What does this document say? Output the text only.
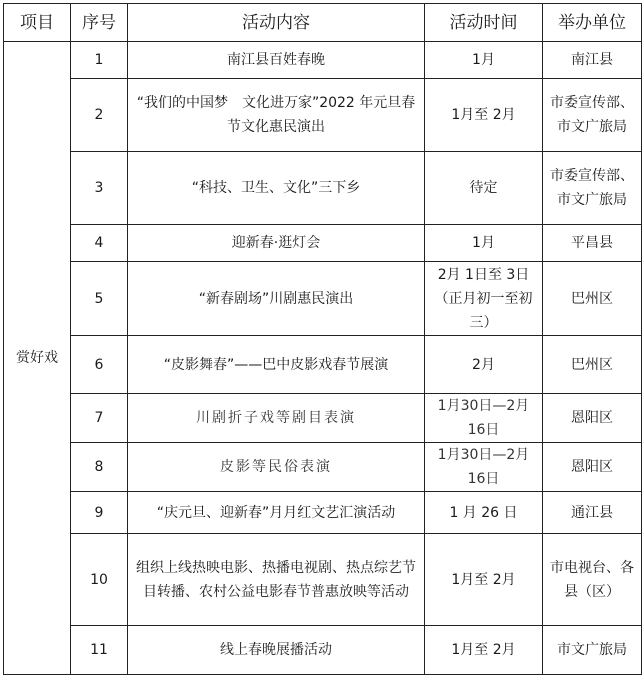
项目	序号	活动内容	活动时间	举办单位
赏好戏	1	南江县百姓春晚	1月	南江县
	2	“我们的中国梦　文化进万家”2022 年元旦春节文化惠民演出	1月至 2月	市委宣传部、市文广旅局
	3	“科技、卫生、文化”三下乡	待定	市委宣传部、市文广旅局
	4	迎新春·逛灯会	1月	平昌县
	5	“新春剧场”川剧惠民演出	2月 1日至 3日（正月初一至初三）	巴州区
	6	“皮影舞春”——巴中皮影戏春节展演	2月	巴州区
	7	川剧折子戏等剧目表演	1月30日—2月16日	恩阳区
	8	皮影等民俗表演	1月30日—2月16日	恩阳区
	9	“庆元旦、迎新春”月月红文艺汇演活动	1 月 26 日	通江县
	10	组织上线热映电影、热播电视剧、热点综艺节目转播、农村公益电影春节普惠放映等活动	1月至 2月	市电视台、各县（区）
	11	线上春晚展播活动	1月至 2月	市文广旅局
